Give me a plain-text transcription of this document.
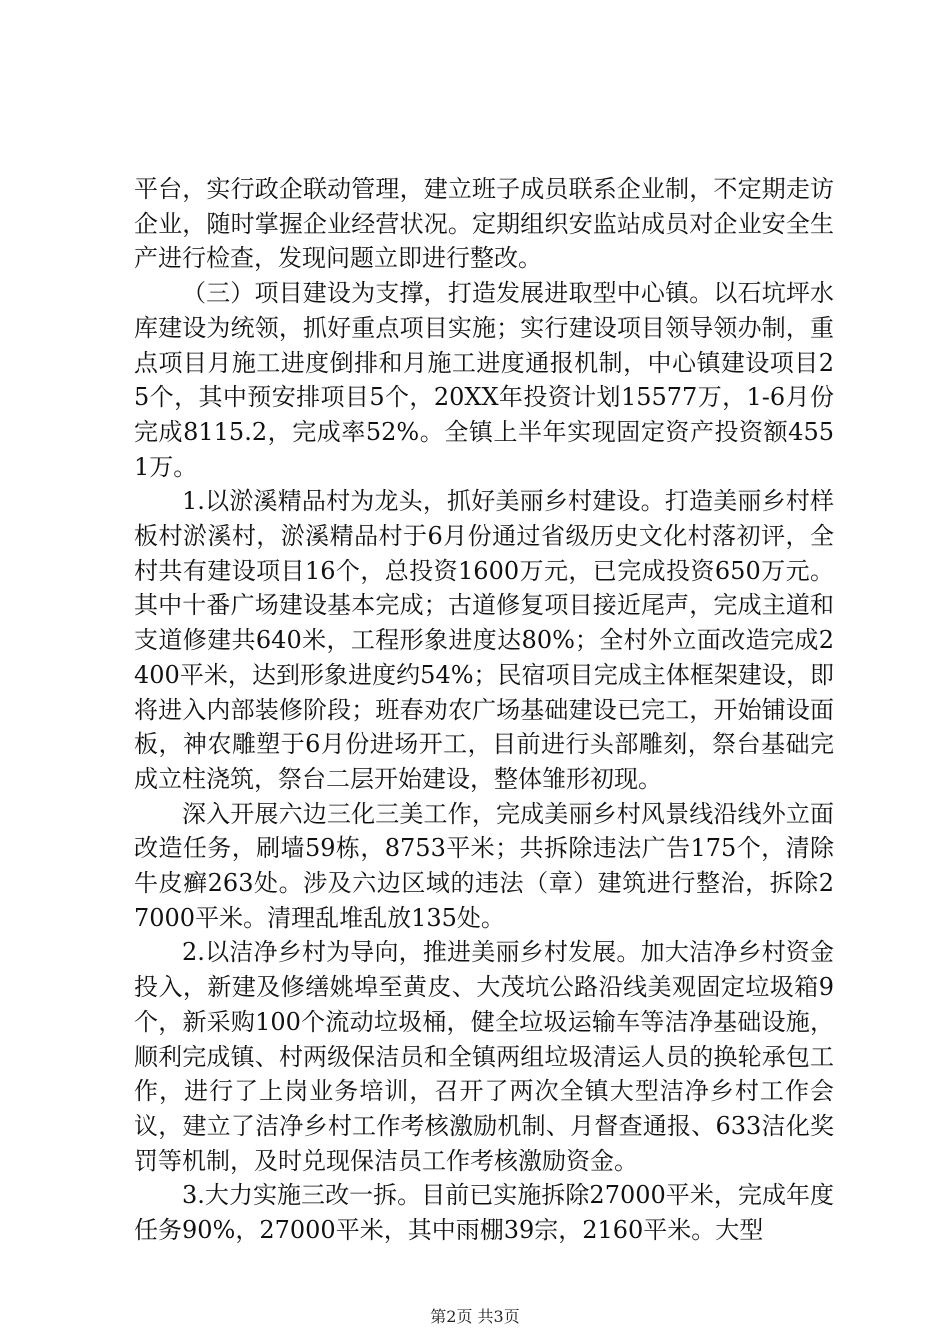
平台，实行政企联动管理，建立班子成员联系企业制，不定期走访企业，随时掌握企业经营状况。定期组织安监站成员对企业安全生产进行检查，发现问题立即进行整改。

（三）项目建设为支撑，打造发展进取型中心镇。以石坑坪水库建设为统领，抓好重点项目实施；实行建设项目领导领办制，重点项目月施工进度倒排和月施工进度通报机制，中心镇建设项目25个，其中预安排项目5个，20XX年投资计划15577万，1-6月份完成8115.2，完成率52%。全镇上半年实现固定资产投资额4551万。

1.以淤溪精品村为龙头，抓好美丽乡村建设。打造美丽乡村样板村淤溪村，淤溪精品村于6月份通过省级历史文化村落初评，全村共有建设项目16个，总投资1600万元，已完成投资650万元。其中十番广场建设基本完成；古道修复项目接近尾声，完成主道和支道修建共640米，工程形象进度达80%；全村外立面改造完成2400平米，达到形象进度约54%；民宿项目完成主体框架建设，即将进入内部装修阶段；班春劝农广场基础建设已完工，开始铺设面板，神农雕塑于6月份进场开工，目前进行头部雕刻，祭台基础完成立柱浇筑，祭台二层开始建设，整体雏形初现。

深入开展六边三化三美工作，完成美丽乡村风景线沿线外立面改造任务，刷墙59栋，8753平米；共拆除违法广告175个，清除牛皮癣263处。涉及六边区域的违法（章）建筑进行整治，拆除27000平米。清理乱堆乱放135处。

2.以洁净乡村为导向，推进美丽乡村发展。加大洁净乡村资金投入，新建及修缮姚埠至黄皮、大茂坑公路沿线美观固定垃圾箱9个，新采购100个流动垃圾桶，健全垃圾运输车等洁净基础设施，顺利完成镇、村两级保洁员和全镇两组垃圾清运人员的换轮承包工作，进行了上岗业务培训，召开了两次全镇大型洁净乡村工作会议，建立了洁净乡村工作考核激励机制、月督查通报、633洁化奖罚等机制，及时兑现保洁员工作考核激励资金。

3.大力实施三改一拆。目前已实施拆除27000平米，完成年度任务90%，27000平米，其中雨棚39宗，2160平米。大型

第2页 共3页
